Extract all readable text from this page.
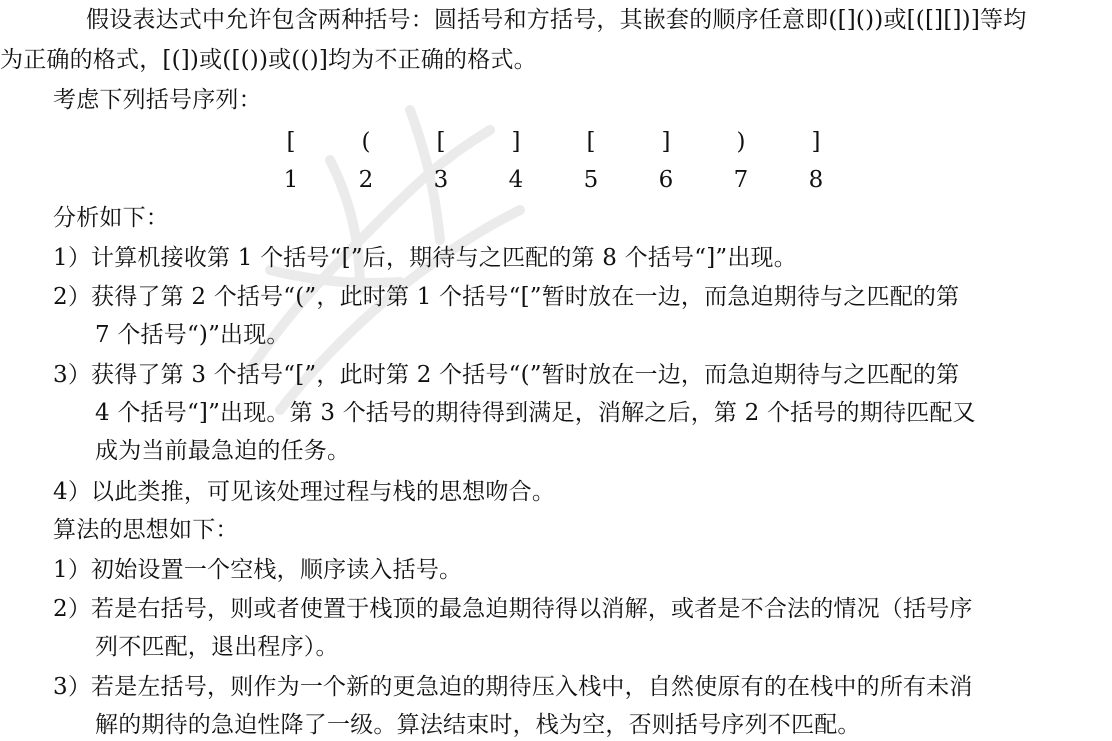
假设表达式中允许包含两种括号：圆括号和方括号，其嵌套的顺序任意即([]())或[([][])]等均
为正确的格式，[(])或([())或(()]均为不正确的格式。
考虑下列括号序列：
[	(	[	]	[	]	)	]
1	2	3	4	5	6	7	8
分析如下：
1）计算机接收第 1 个括号“[”后，期待与之匹配的第 8 个括号“]”出现。
2）获得了第 2 个括号“(”，此时第 1 个括号“[”暂时放在一边，而急迫期待与之匹配的第
7 个括号“)”出现。
3）获得了第 3 个括号“[”，此时第 2 个括号“(”暂时放在一边，而急迫期待与之匹配的第
4 个括号“]”出现。第 3 个括号的期待得到满足，消解之后，第 2 个括号的期待匹配又
成为当前最急迫的任务。
4）以此类推，可见该处理过程与栈的思想吻合。
算法的思想如下：
1）初始设置一个空栈，顺序读入括号。
2）若是右括号，则或者使置于栈顶的最急迫期待得以消解，或者是不合法的情况（括号序
列不匹配，退出程序）。
3）若是左括号，则作为一个新的更急迫的期待压入栈中，自然使原有的在栈中的所有未消
解的期待的急迫性降了一级。算法结束时，栈为空，否则括号序列不匹配。
